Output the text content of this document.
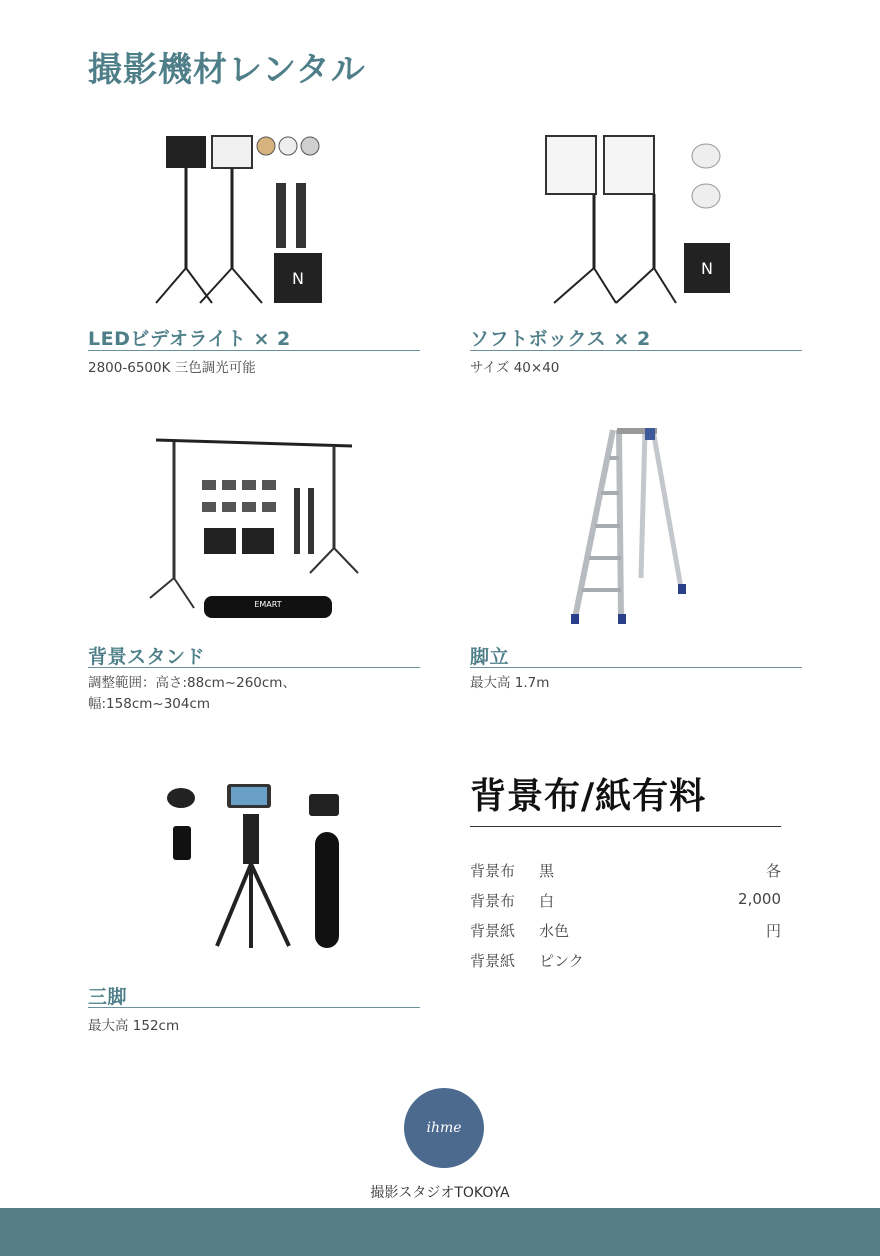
撮影機材レンタル
N
LEDビデオライト × 2
2800-6500K 三色調光可能
N
ソフトボックス × 2
サイズ 40×40
EMART
背景スタンド
調整範囲：高さ:88cm~260cm、
幅:158cm~304cm
脚立
最大高 1.7m
三脚
最大高 152cm
背景布/紙有料
背景布 黒	各
背景布 白	2,000
背景紙 水色	円
背景紙 ピンク
ihme
撮影スタジオTOKOYA
